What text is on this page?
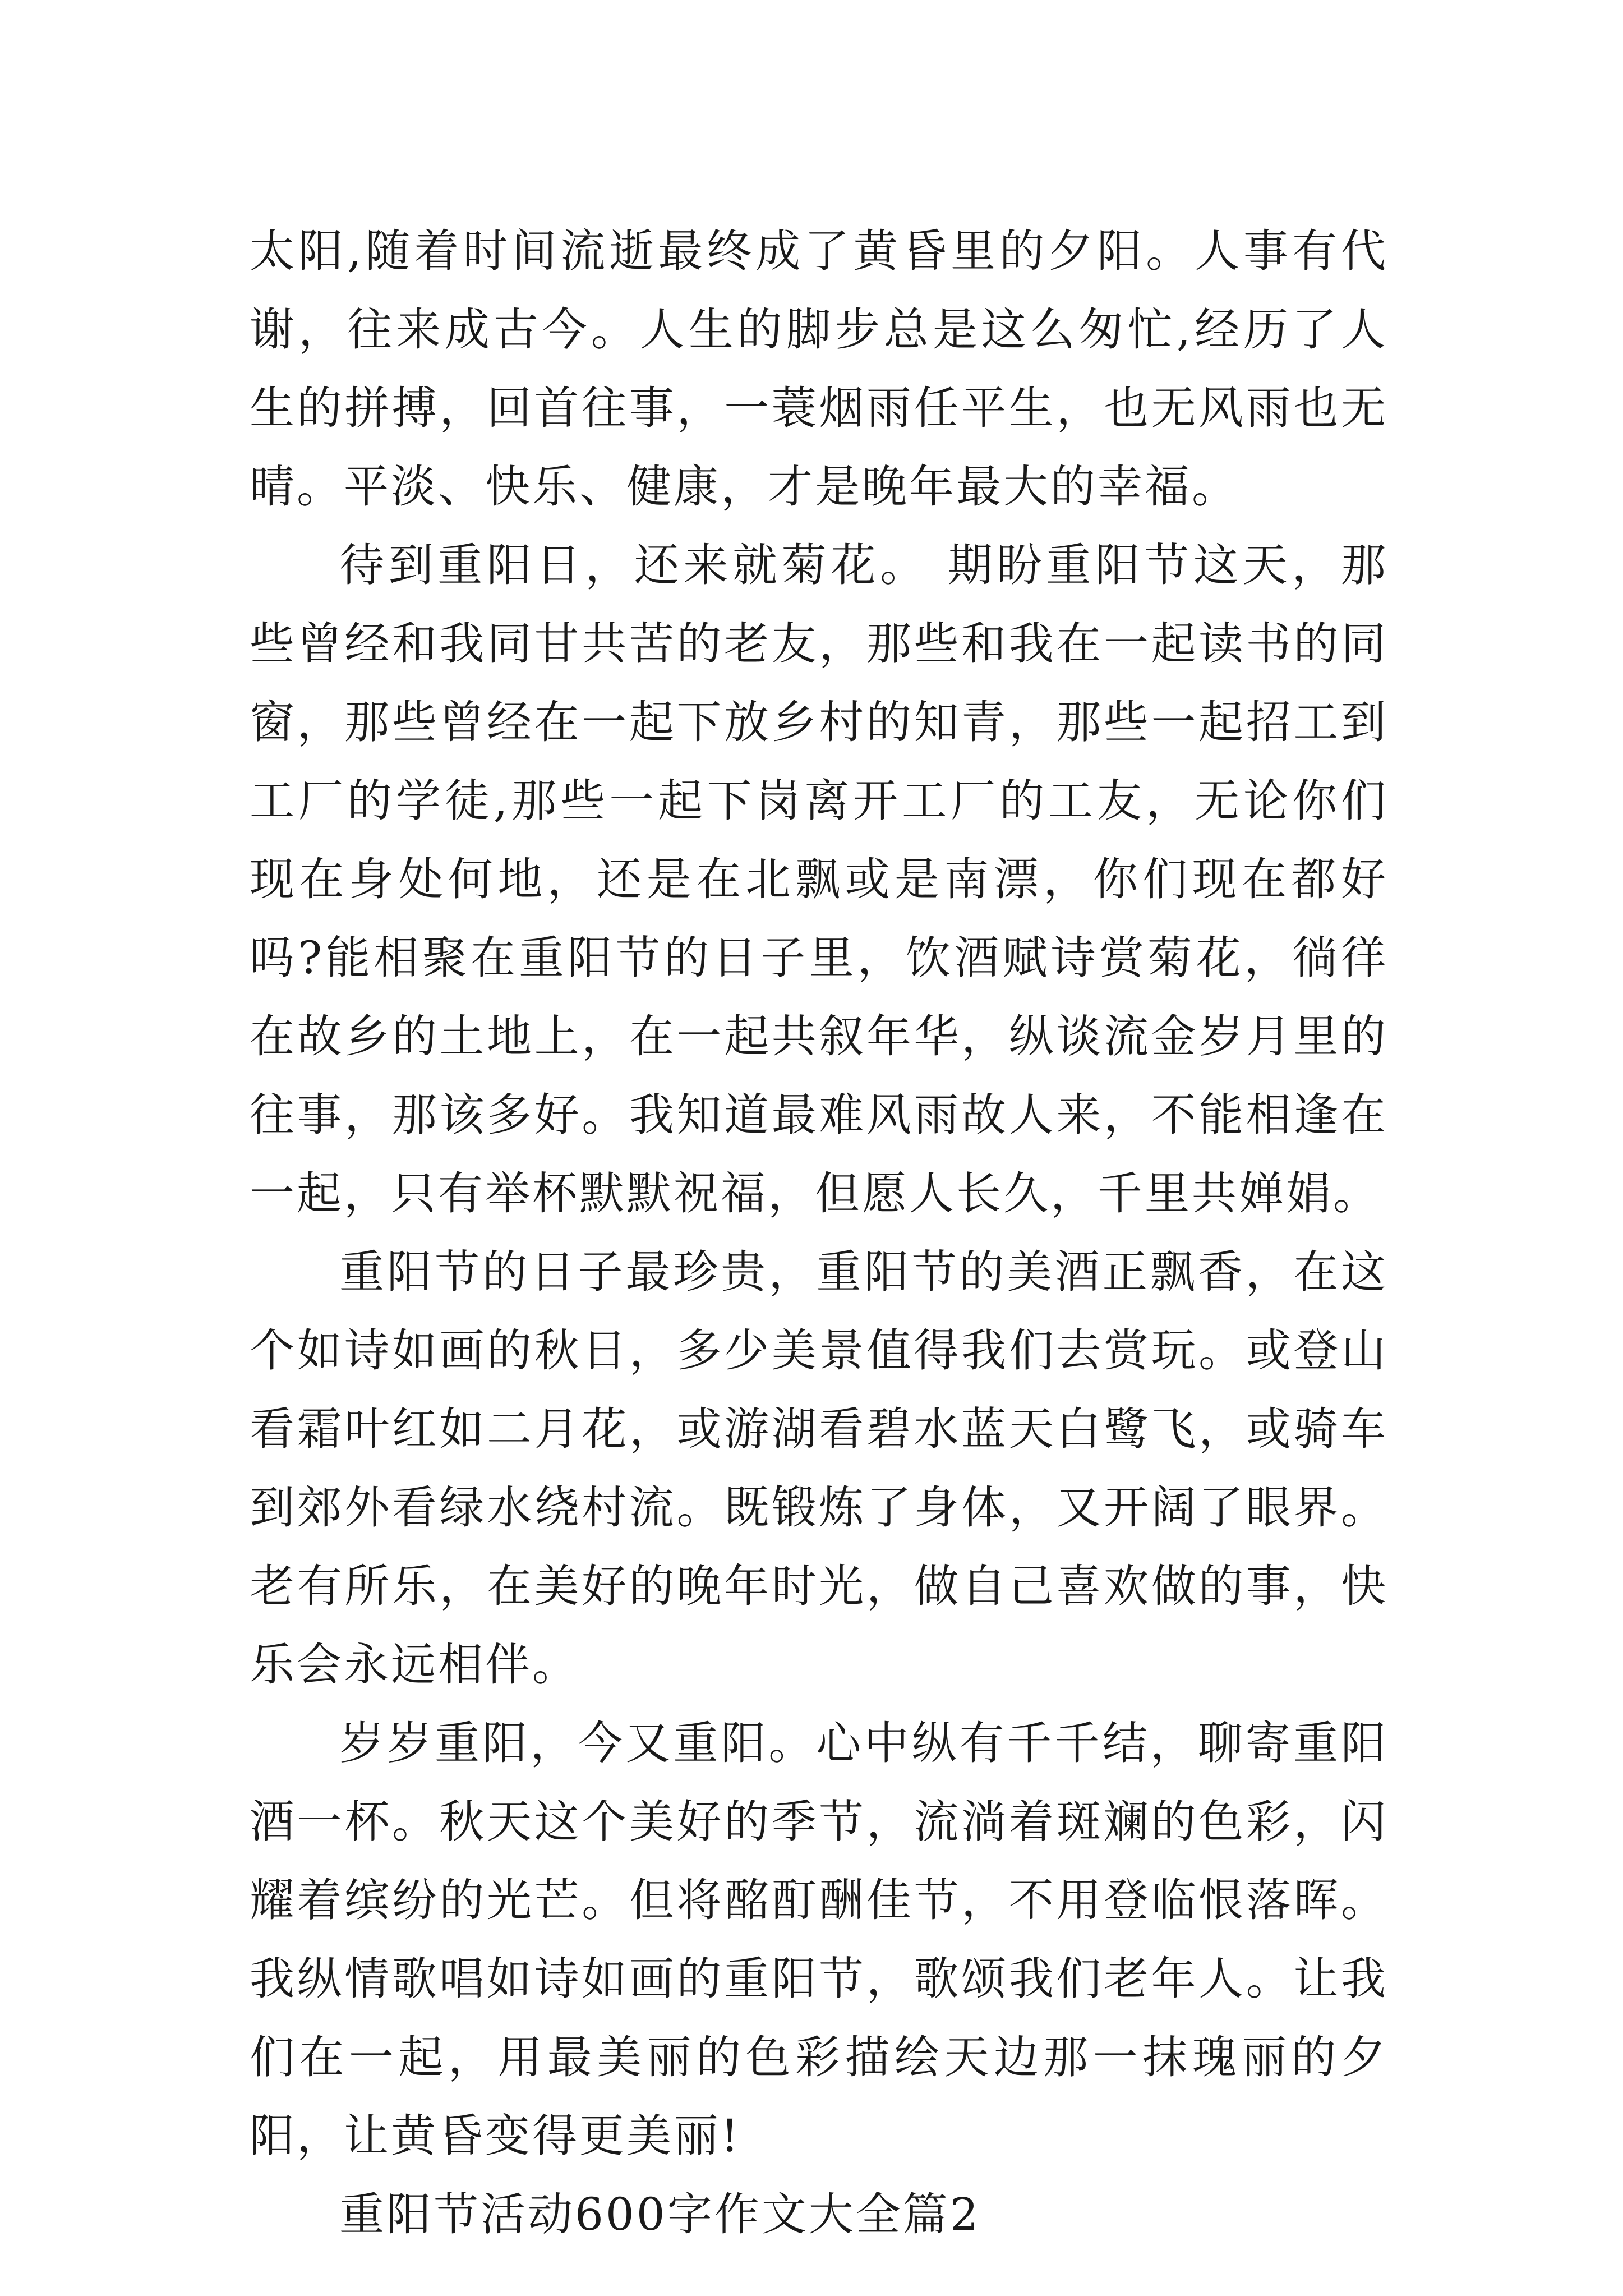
太阳,随着时间流逝最终成了黄昏里的夕阳。人事有代谢，往来成古今。人生的脚步总是这么匆忙,经历了人生的拼搏，回首往事，一蓑烟雨任平生，也无风雨也无晴。平淡、快乐、健康，才是晚年最大的幸福。

待到重阳日，还来就菊花。 期盼重阳节这天，那些曾经和我同甘共苦的老友，那些和我在一起读书的同窗，那些曾经在一起下放乡村的知青，那些一起招工到工厂的学徒,那些一起下岗离开工厂的工友，无论你们现在身处何地，还是在北飘或是南漂，你们现在都好吗?能相聚在重阳节的日子里，饮酒赋诗赏菊花，徜徉在故乡的土地上，在一起共叙年华，纵谈流金岁月里的往事，那该多好。我知道最难风雨故人来，不能相逢在一起，只有举杯默默祝福，但愿人长久，千里共婵娟。

重阳节的日子最珍贵，重阳节的美酒正飘香，在这个如诗如画的秋日，多少美景值得我们去赏玩。或登山看霜叶红如二月花，或游湖看碧水蓝天白鹭飞，或骑车到郊外看绿水绕村流。既锻炼了身体，又开阔了眼界。老有所乐，在美好的晚年时光，做自己喜欢做的事，快乐会永远相伴。

岁岁重阳，今又重阳。心中纵有千千结，聊寄重阳酒一杯。秋天这个美好的季节，流淌着斑斓的色彩，闪耀着缤纷的光芒。但将酩酊酬佳节，不用登临恨落晖。我纵情歌唱如诗如画的重阳节，歌颂我们老年人。让我们在一起，用最美丽的色彩描绘天边那一抹瑰丽的夕阳，让黄昏变得更美丽!

重阳节活动600字作文大全篇2
